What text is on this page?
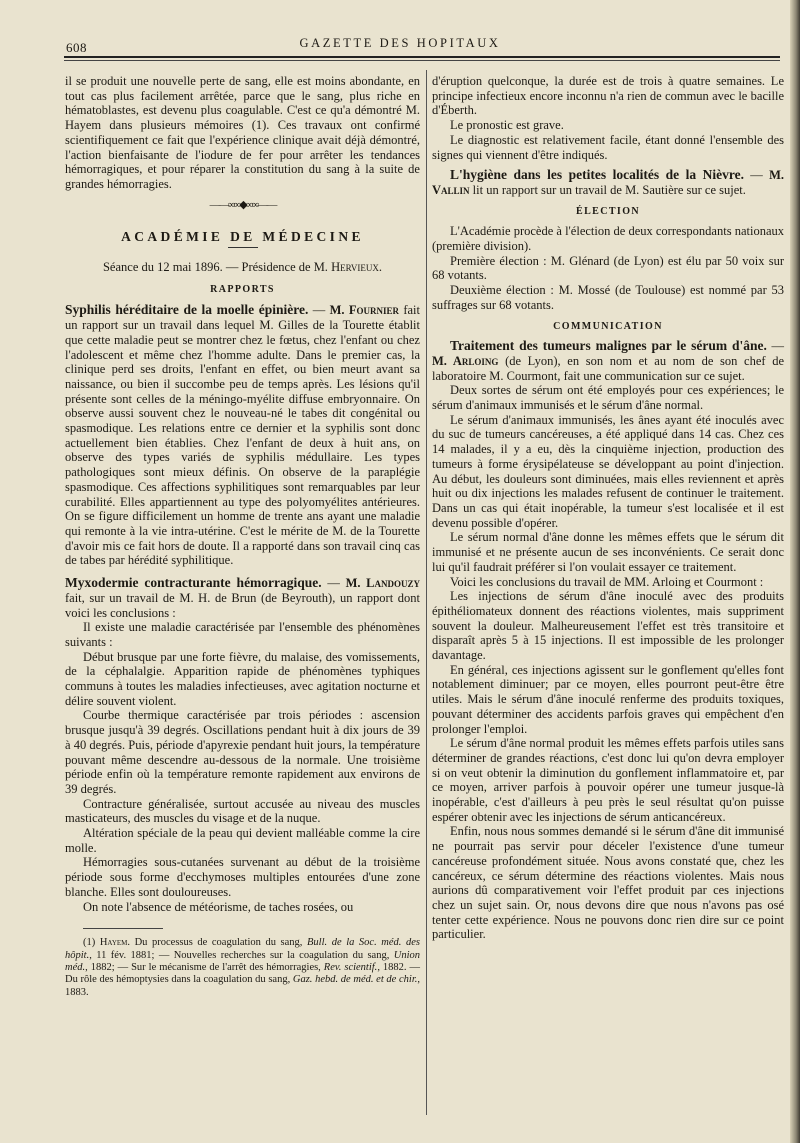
608	GAZETTE DES HOPITAUX

il se produit une nouvelle perte de sang, elle est moins abondante, en tout cas plus facilement arrêtée, parce que le sang, plus riche en hématoblastes, est devenu plus coagulable. C'est ce qu'a démontré M. Hayem dans plusieurs mémoires (1). Ces travaux ont confirmé scientifiquement ce fait que l'expérience clinique avait déjà démontré, l'action bienfaisante de l'iodure de fer pour arrêter les tendances hémorragiques, et pour réparer la constitution du sang à la suite de grandes hémorragies.

——∞∞◆∞∞——
ACADÉMIE DE MÉDECINE
Séance du 12 mai 1896. — Présidence de M. Hervieux.
RAPPORTS

Syphilis héréditaire de la moelle épinière. — M. Fournier fait un rapport sur un travail dans lequel M. Gilles de la Tourette établit que cette maladie peut se montrer chez le fœtus, chez l'enfant ou chez l'adolescent et même chez l'homme adulte. Dans le premier cas, la clinique perd ses droits, l'enfant en effet, ou bien meurt avant sa naissance, ou bien il succombe peu de temps après. Les lésions qu'il présente sont celles de la méningo-myélite diffuse embryonnaire. On observe aussi souvent chez le nouveau-né le tabes dit congénital ou spasmodique. Les relations entre ce dernier et la syphilis sont donc actuellement bien établies. Chez l'enfant de deux à huit ans, on observe des types variés de syphilis médullaire. Les types pathologiques sont mieux définis. On observe de la paraplégie spasmodique. Ces affections syphilitiques sont remarquables par leur curabilité. Elles appartiennent au type des polyomyélites antérieures. On se figure difficilement un homme de trente ans ayant une maladie qui remonte à la vie intra-utérine. C'est le mérite de M. de la Tourette d'avoir mis ce fait hors de doute. Il a rapporté dans son travail cinq cas de tabes par hérédité syphilitique.

Myxodermie contracturante hémorragique. — M. Landouzy fait, sur un travail de M. H. de Brun (de Beyrouth), un rapport dont voici les conclusions :

Il existe une maladie caractérisée par l'ensemble des phénomènes suivants :

Début brusque par une forte fièvre, du malaise, des vomissements, de la céphalalgie. Apparition rapide de phénomènes typhiques communs à toutes les maladies infectieuses, avec agitation nocturne et délire souvent violent.

Courbe thermique caractérisée par trois périodes : ascension brusque jusqu'à 39 degrés. Oscillations pendant huit à dix jours de 39 à 40 degrés. Puis, période d'apyrexie pendant huit jours, la température pouvant même descendre au-dessous de la normale. Une troisième période enfin où la température remonte rapidement aux environs de 39 degrés.

Contracture généralisée, surtout accusée au niveau des muscles masticateurs, des muscles du visage et de la nuque.

Altération spéciale de la peau qui devient malléable comme la cire molle.

Hémorragies sous-cutanées survenant au début de la troisième période sous forme d'ecchymoses multiples entourées d'une zone blanche. Elles sont douloureuses.

On note l'absence de météorisme, de taches rosées, ou

(1) Hayem. Du processus de coagulation du sang, Bull. de la Soc. méd. des hôpit., 11 fév. 1881; — Nouvelles recherches sur la coagulation du sang, Union méd., 1882; — Sur le mécanisme de l'arrêt des hémorragies, Rev. scientif., 1882. — Du rôle des hémoptysies dans la coagulation du sang, Gaz. hebd. de méd. et de chir., 1883.

d'éruption quelconque, la durée est de trois à quatre semaines. Le principe infectieux encore inconnu n'a rien de commun avec le bacille d'Éberth.

Le pronostic est grave.

Le diagnostic est relativement facile, étant donné l'ensemble des signes qui viennent d'être indiqués.

L'hygiène dans les petites localités de la Nièvre. — M. Vallin lit un rapport sur un travail de M. Sautière sur ce sujet.

ÉLECTION

L'Académie procède à l'élection de deux correspondants nationaux (première division).

Première élection : M. Glénard (de Lyon) est élu par 50 voix sur 68 votants.

Deuxième élection : M. Mossé (de Toulouse) est nommé par 53 suffrages sur 68 votants.

COMMUNICATION

Traitement des tumeurs malignes par le sérum d'âne. — M. Arloing (de Lyon), en son nom et au nom de son chef de laboratoire M. Courmont, fait une communication sur ce sujet.

Deux sortes de sérum ont été employés pour ces expériences; le sérum d'animaux immunisés et le sérum d'âne normal.

Le sérum d'animaux immunisés, les ânes ayant été inoculés avec du suc de tumeurs cancéreuses, a été appliqué dans 14 cas. Chez ces 14 malades, il y a eu, dès la cinquième injection, production des tumeurs à forme érysipélateuse se développant au point d'injection. Au début, les douleurs sont diminuées, mais elles reviennent et après huit ou dix injections les malades refusent de continuer le traitement. Dans un cas qui était inopérable, la tumeur s'est localisée et il est devenu possible d'opérer.

Le sérum normal d'âne donne les mêmes effets que le sérum dit immunisé et ne présente aucun de ses inconvénients. Ce serait donc lui qu'il faudrait préférer si l'on voulait essayer ce traitement.

Voici les conclusions du travail de MM. Arloing et Courmont :

Les injections de sérum d'âne inoculé avec des produits épithéliomateux donnent des réactions violentes, mais suppriment souvent la douleur. Malheureusement l'effet est très transitoire et disparaît après 5 à 15 injections. Il est impossible de les prolonger davantage.

En général, ces injections agissent sur le gonflement qu'elles font notablement diminuer; par ce moyen, elles pourront peut-être être utiles. Mais le sérum d'âne inoculé renferme des produits toxiques, pouvant déterminer des accidents parfois graves qui empêchent d'en prolonger l'emploi.

Le sérum d'âne normal produit les mêmes effets parfois utiles sans déterminer de grandes réactions, c'est donc lui qu'on devra employer si on veut obtenir la diminution du gonflement inflammatoire et, par ce moyen, arriver parfois à pouvoir opérer une tumeur jusque-là inopérable, c'est d'ailleurs à peu près le seul résultat qu'on puisse espérer obtenir avec les injections de sérum anticancéreux.

Enfin, nous nous sommes demandé si le sérum d'âne dit immunisé ne pourrait pas servir pour déceler l'existence d'une tumeur cancéreuse profondément située. Nous avons constaté que, chez les cancéreux, ce sérum détermine des réactions violentes. Mais nous aurions dû comparativement voir l'effet produit par ces injections chez un sujet sain. Or, nous devons dire que nous n'avons pas osé tenter cette expérience. Nous ne pouvons donc rien dire sur ce point particulier.
